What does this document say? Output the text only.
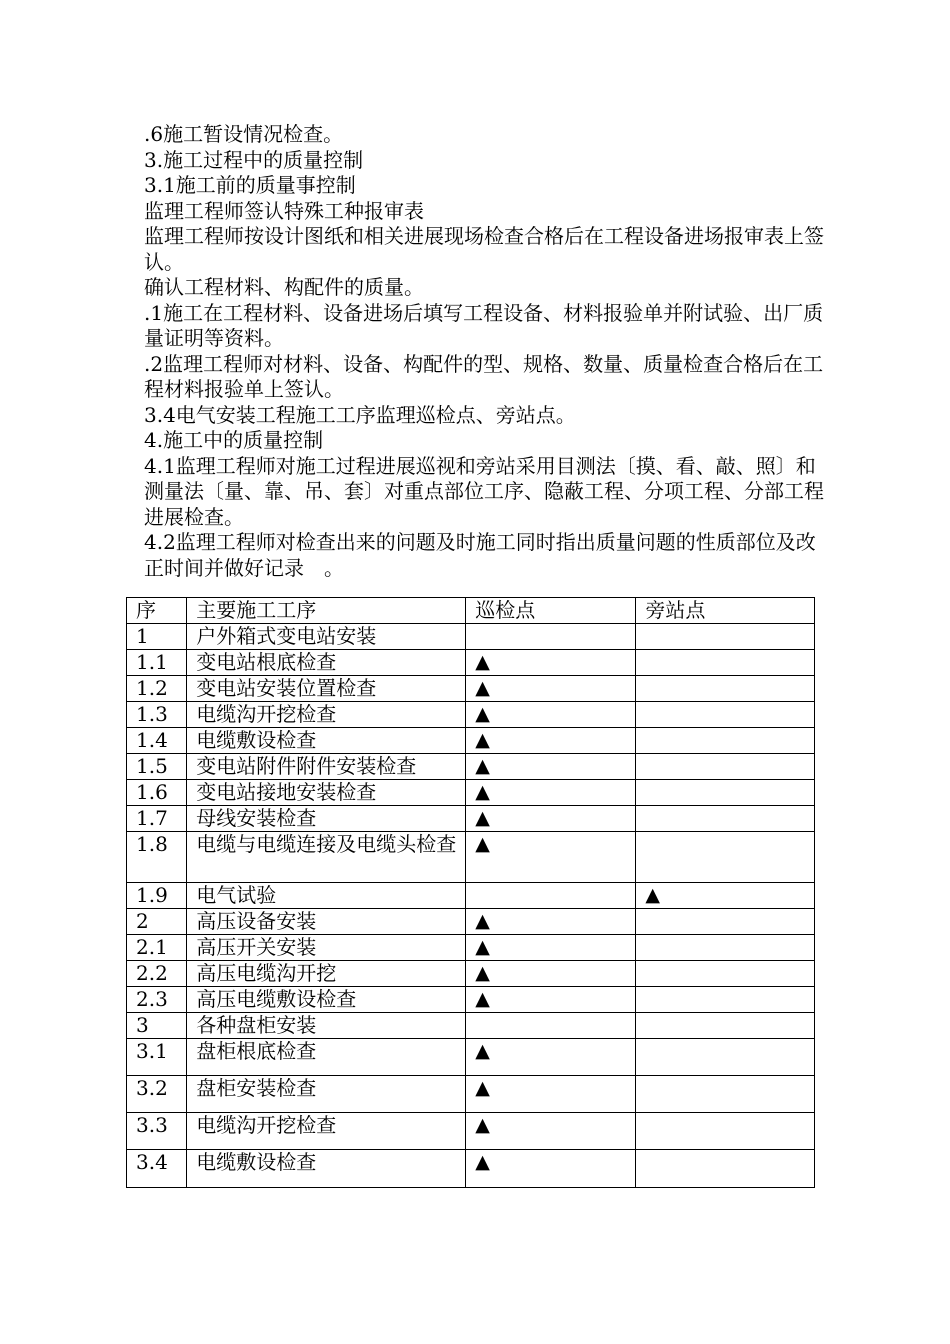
.6施工暂设情况检查。

3.施工过程中的质量控制

3.1施工前的质量事控制

监理工程师签认特殊工种报审表

监理工程师按设计图纸和相关进展现场检查合格后在工程设备进场报审表上签认。

确认工程材料、构配件的质量。

.1施工在工程材料、设备进场后填写工程设备、材料报验单并附试验、出厂质量证明等资料。

.2监理工程师对材料、设备、构配件的型、规格、数量、质量检查合格后在工程材料报验单上签认。

3.4电气安装工程施工工序监理巡检点、旁站点。

4.施工中的质量控制

4.1监理工程师对施工过程进展巡视和旁站采用目测法〔摸、看、敲、照〕和测量法〔量、靠、吊、套〕对重点部位工序、隐蔽工程、分项工程、分部工程进展检查。

4.2监理工程师对检查出来的问题及时施工同时指出质量问题的性质部位及改正时间并做好记录　。

序	主要施工工序	巡检点	旁站点
1	户外箱式变电站安装		
1.1	变电站根底检查	▲	
1.2	变电站安装位置检查	▲	
1.3	电缆沟开挖检查	▲	
1.4	电缆敷设检查	▲	
1.5	变电站附件附件安装检查	▲	
1.6	变电站接地安装检查	▲	
1.7	母线安装检查	▲	
1.8	电缆与电缆连接及电缆头检查	▲	
1.9	电气试验		▲
2	高压设备安装	▲	
2.1	高压开关安装	▲	
2.2	高压电缆沟开挖	▲	
2.3	高压电缆敷设检查	▲	
3	各种盘柜安装		
3.1	盘柜根底检查	▲	
3.2	盘柜安装检查	▲	
3.3	电缆沟开挖检查	▲	
3.4	电缆敷设检查	▲	
